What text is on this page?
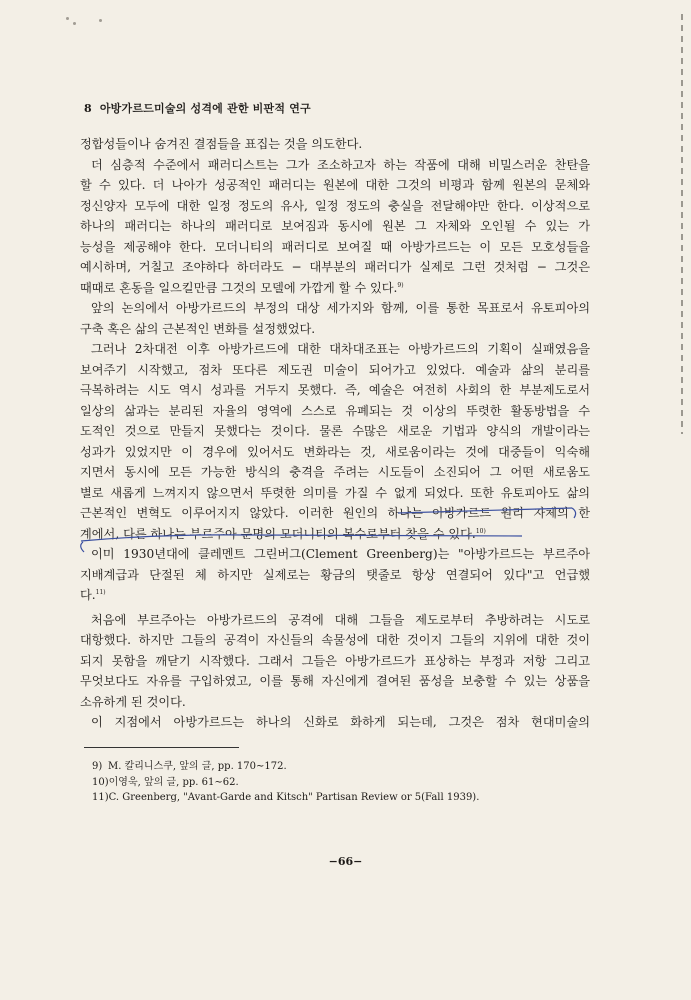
8 아방가르드미술의 성격에 관한 비판적 연구
정합성들이나 숨겨진 결점들을 표집는 것을 의도한다.
더 심층적 수준에서 패러디스트는 그가 조소하고자 하는 작품에 대해 비밀스러운 찬탄을
할 수 있다. 더 나아가 성공적인 패러디는 원본에 대한 그것의 비평과 함께 원본의 문체와
정신양자 모두에 대한 일정 정도의 유사, 일정 정도의 충실을 전달해야만 한다. 이상적으로
하나의 패러디는 하나의 패러디로 보여짐과 동시에 원본 그 자체와 오인될 수 있는 가
능성을 제공해야 한다. 모더니티의 패러디로 보여질 때 아방가르드는 이 모든 모호성들을
예시하며, 거칠고 조야하다 하더라도 − 대부분의 패러디가 실제로 그런 것처럼 − 그것은
때때로 혼동을 일으킬만큼 그것의 모델에 가깝게 할 수 있다.$^{9)}$
앞의 논의에서 아방가르드의 부정의 대상 세가지와 함께, 이를 통한 목표로서 유토피아의
구축 혹은 삶의 근본적인 변화를 설정했었다.
그러나 2차대전 이후 아방가르드에 대한 대차대조표는 아방가르드의 기획이 실패였음을
보여주기 시작했고, 점차 또다른 제도권 미술이 되어가고 있었다. 예술과 삶의 분리를
극복하려는 시도 역시 성과를 거두지 못했다. 즉, 예술은 여전히 사회의 한 부분제도로서
일상의 삶과는 분리된 자율의 영역에 스스로 유폐되는 것 이상의 뚜렷한 활동방법을 수
도적인 것으로 만들지 못했다는 것이다. 물론 수많은 새로운 기법과 양식의 개발이라는
성과가 있었지만 이 경우에 있어서도 변화라는 것, 새로움이라는 것에 대중들이 익숙해
지면서 동시에 모든 가능한 방식의 충격을 주려는 시도들이 소진되어 그 어떤 새로움도
별로 새롭게 느껴지지 않으면서 뚜렷한 의미를 가질 수 없게 되었다. 또한 유토피아도 삶의
근본적인 변혁도 이루어지지 않았다. 이러한 원인의 하나는 아방가르드 원리 자체의 한
계에서, 다른 하나는 부르주아 문명의 모더니티의 복수로부터 찾을 수 있다.$^{10)}$
이미 1930년대에 클레멘트 그린버그(Clement Greenberg)는 "아방가르드는 부르주아
지배계급과 단절된 체 하지만 실제로는 황금의 탯줄로 항상 연결되어 있다"고 언급했
다.$^{11)}$
처음에 부르주아는 아방가르드의 공격에 대해 그들을 제도로부터 추방하려는 시도로
대항했다. 하지만 그들의 공격이 자신들의 속물성에 대한 것이지 그들의 지위에 대한 것이
되지 못함을 깨닫기 시작했다. 그래서 그들은 아방가르드가 표상하는 부정과 저항 그리고
무엇보다도 자유를 구입하였고, 이를 통해 자신에게 결여된 품성을 보충할 수 있는 상품을
소유하게 된 것이다.
이 지점에서 아방가르드는 하나의 신화로 화하게 되는데, 그것은 점차 현대미술의
9)M. 칼리니스쿠, 앞의 글, pp. 170∼172.
10)이영욱, 앞의 글, pp. 61∼62.
11)C. Greenberg, "Avant-Garde and Kitsch" Partisan Review or 5(Fall 1939).
−66−
